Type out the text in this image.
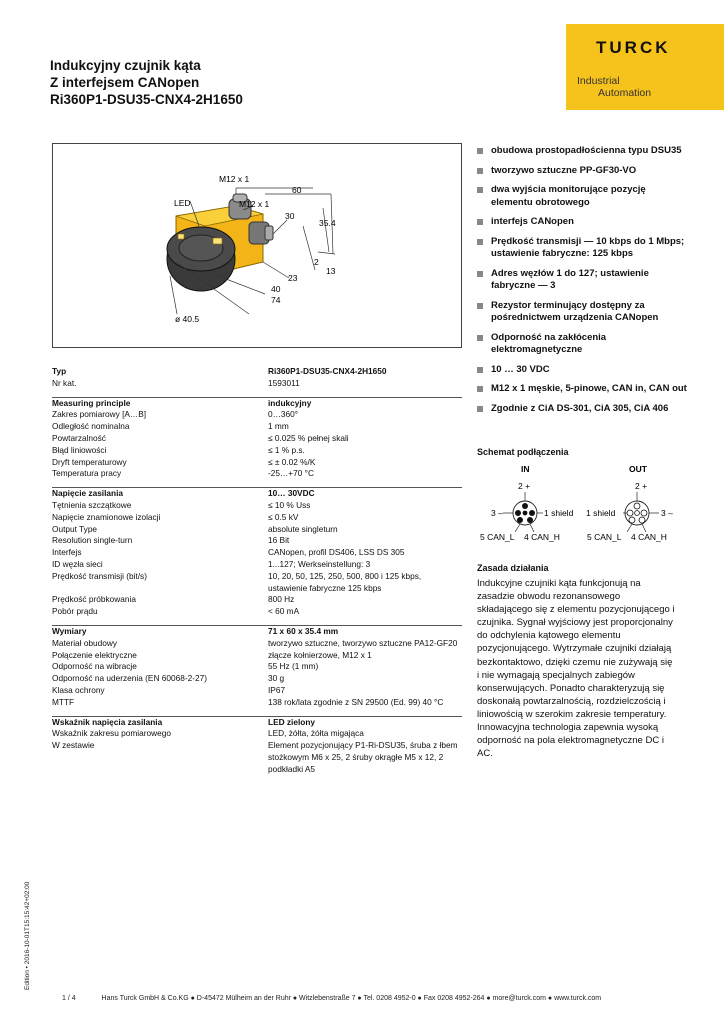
Indukcyjny czujnik kąta
Z interfejsem CANopen
Ri360P1-DSU35-CNX4-2H1650
TURCK
Industrial
Automation
M12 x 1
M12 x 1
LED
60
30
35.4
2
13
23
40
74
ø 40.5
obudowa prostopadłościenna typu DSU35
tworzywo sztuczne PP-GF30-VO
dwa wyjścia monitorujące pozycję elementu obrotowego
interfejs CANopen
Prędkość transmisji — 10 kbps do 1 Mbps; ustawienie fabryczne: 125 kbps
Adres węzłów 1 do 127; ustawienie fabryczne — 3
Rezystor terminujący dostępny za pośrednictwem urządzenia CANopen
Odporność na zakłócenia elektromagnetyczne
10 … 30 VDC
M12 x 1 męskie, 5-pinowe, CAN in, CAN out
Zgodnie z CiA DS-301, CiA 305, CiA 406
Typ	Ri360P1-DSU35-CNX4-2H1650
Nr kat.	1593011

Measuring principle	indukcyjny
Zakres pomiarowy [A…B]	0…360°
Odległość nominalna	1 mm
Powtarzalność	≤ 0.025 % pełnej skali
Błąd liniowości	≤ 1 % p.s.
Dryft temperaturowy	≤ ± 0.02 %/K
Temperatura pracy	-25…+70 °C

Napięcie zasilania	10… 30VDC
Tętnienia szczątkowe	≤ 10 % Uss
Napięcie znamionowe izolacji	≤ 0.5 kV
Output Type	absolute singleturn
Resolution single-turn	16 Bit
Interfejs	CANopen, profil DS406, LSS DS 305
ID węzła sieci	1...127; Werkseinstellung: 3
Prędkość transmisji (bit/s)	10, 20, 50, 125, 250, 500, 800 i 125 kbps, ustawienie fabryczne 125 kbps
Prędkość próbkowania	800 Hz
Pobór prądu	< 60 mA

Wymiary	71 x 60 x 35.4 mm
Materiał obudowy	tworzywo sztuczne, tworzywo sztuczne PA12-GF20
Połączenie elektryczne	złącze kołnierzowe, M12 x 1
Odporność na wibracje	55 Hz (1 mm)
Odporność na uderzenia (EN 60068-2-27)	30 g
Klasa ochrony	IP67
MTTF	138 rok/lata zgodnie z SN 29500 (Ed. 99) 40 °C

Wskaźnik napięcia zasilania	LED zielony
Wskaźnik zakresu pomiarowego	LED, żółta, żółta migająca
W zestawie	Element pozycjonujący P1-Ri-DSU35, śruba z łbem stożkowym M6 x 25, 2 śruby okrągłe M5 x 12, 2 podkładki A5
Schemat podłączenia
IN	OUT
2 +
3 –	1 shield
5 CAN_L 4 CAN_H
2 +
1 shield	3 –
5 CAN_L 4 CAN_H
Zasada działania
Indukcyjne czujniki kąta funkcjonują na zasadzie obwodu rezonansowego składającego się z elementu pozycjonującego i czujnika. Sygnał wyjściowy jest proporcjonalny do odchylenia kątowego elementu pozycjonującego. Wytrzymałe czujniki działają bezkontaktowo, dzięki czemu nie zużywają się i nie wymagają specjalnych zabiegów konserwujących. Ponadto charakteryzują się doskonałą powtarzalnością, rozdzielczością i liniowością w szerokim zakresie temperatury. Innowacyjna technologia zapewnia wysoką odporność na pola elektromagnetyczne DC i AC.
1 / 4	Hans Turck GmbH & Co.KG ● D-45472 Mülheim an der Ruhr ● Witzlebenstraße 7 ● Tel. 0208 4952-0 ● Fax 0208 4952-264 ● more@turck.com ● www.turck.com
Edition • 2016-10-01T15:15:42+02:00
